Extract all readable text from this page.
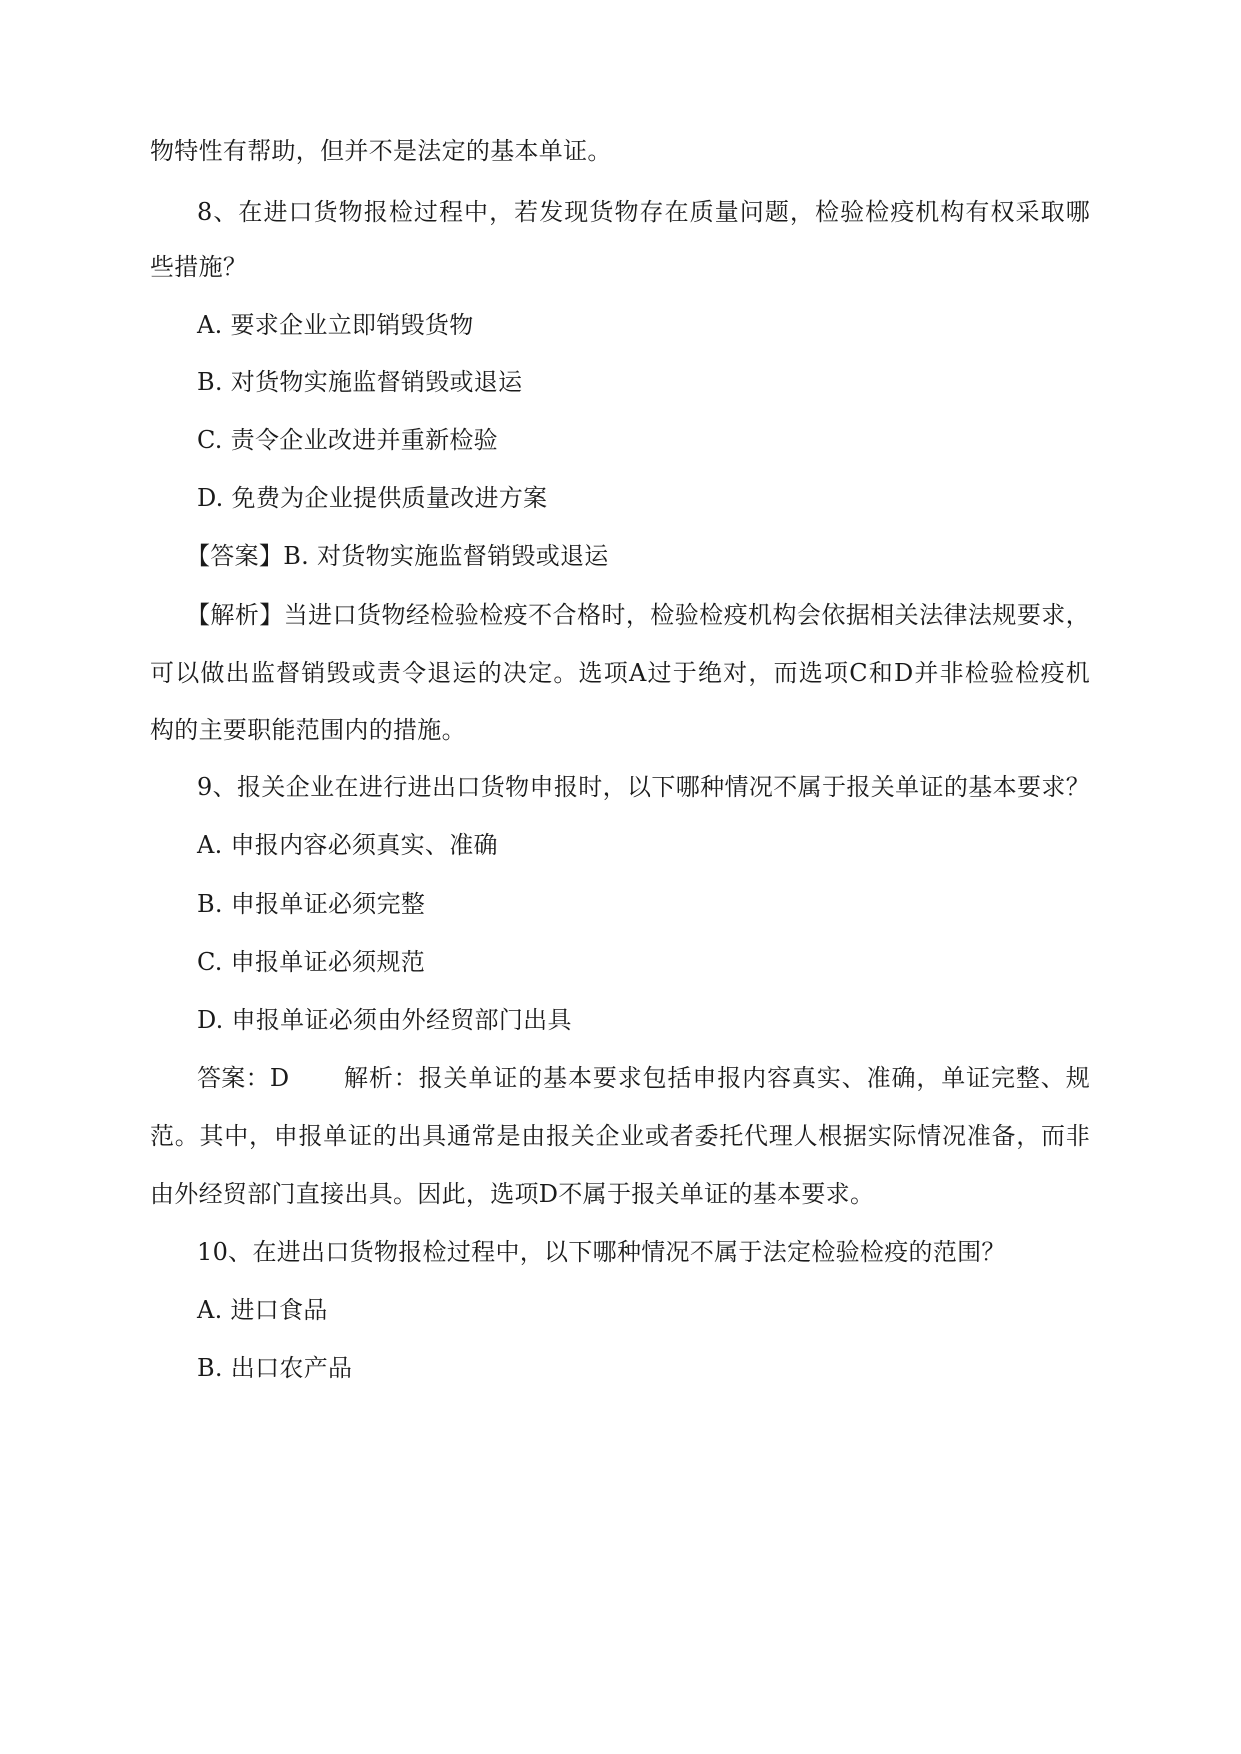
物特性有帮助，但并不是法定的基本单证。
8、在进口货物报检过程中，若发现货物存在质量问题，检验检疫机构有权采取哪
些措施？
A. 要求企业立即销毁货物
B. 对货物实施监督销毁或退运
C. 责令企业改进并重新检验
D. 免费为企业提供质量改进方案
【答案】B. 对货物实施监督销毁或退运
【解析】当进口货物经检验检疫不合格时，检验检疫机构会依据相关法律法规要求，
可以做出监督销毁或责令退运的决定。选项A过于绝对，而选项C和D并非检验检疫机
构的主要职能范围内的措施。
9、报关企业在进行进出口货物申报时，以下哪种情况不属于报关单证的基本要求？
A. 申报内容必须真实、准确
B. 申报单证必须完整
C. 申报单证必须规范
D. 申报单证必须由外经贸部门出具
答案：D	解析：报关单证的基本要求包括申报内容真实、准确，单证完整、规
范。其中，申报单证的出具通常是由报关企业或者委托代理人根据实际情况准备，而非
由外经贸部门直接出具。因此，选项D不属于报关单证的基本要求。
10、在进出口货物报检过程中，以下哪种情况不属于法定检验检疫的范围？
A. 进口食品
B. 出口农产品
